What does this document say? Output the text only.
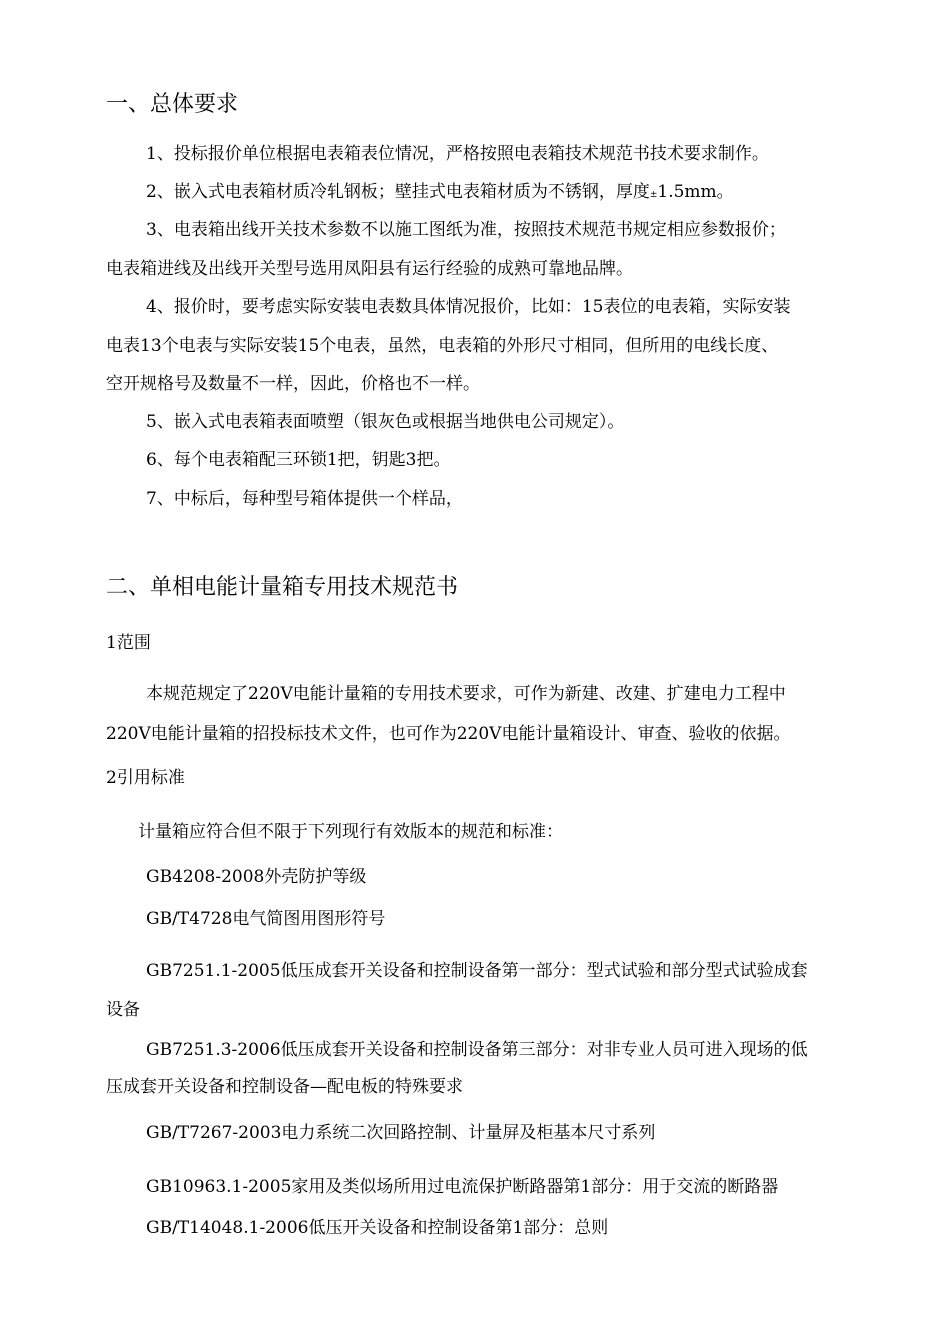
一、总体要求
1、投标报价单位根据电表箱表位情况，严格按照电表箱技术规范书技术要求制作。
2、嵌入式电表箱材质冷轧钢板；壁挂式电表箱材质为不锈钢，厚度±1.5mm。
3、电表箱出线开关技术参数不以施工图纸为准，按照技术规范书规定相应参数报价；
电表箱进线及出线开关型号选用凤阳县有运行经验的成熟可靠地品牌。
4、报价时，要考虑实际安装电表数具体情况报价，比如：15表位的电表箱，实际安装
电表13个电表与实际安装15个电表，虽然，电表箱的外形尺寸相同，但所用的电线长度、
空开规格号及数量不一样，因此，价格也不一样。
5、嵌入式电表箱表面喷塑（银灰色或根据当地供电公司规定）。
6、每个电表箱配三环锁1把，钥匙3把。
7、中标后，每种型号箱体提供一个样品，
二、单相电能计量箱专用技术规范书
1范围
本规范规定了220V电能计量箱的专用技术要求，可作为新建、改建、扩建电力工程中
220V电能计量箱的招投标技术文件，也可作为220V电能计量箱设计、审查、验收的依据。
2引用标准
计量箱应符合但不限于下列现行有效版本的规范和标准：
GB4208-2008外壳防护等级
GB/T4728电气简图用图形符号
GB7251.1-2005低压成套开关设备和控制设备第一部分：型式试验和部分型式试验成套
设备
GB7251.3-2006低压成套开关设备和控制设备第三部分：对非专业人员可进入现场的低
压成套开关设备和控制设备—配电板的特殊要求
GB/T7267-2003电力系统二次回路控制、计量屏及柜基本尺寸系列
GB10963.1-2005家用及类似场所用过电流保护断路器第1部分：用于交流的断路器
GB/T14048.1-2006低压开关设备和控制设备第1部分：总则
